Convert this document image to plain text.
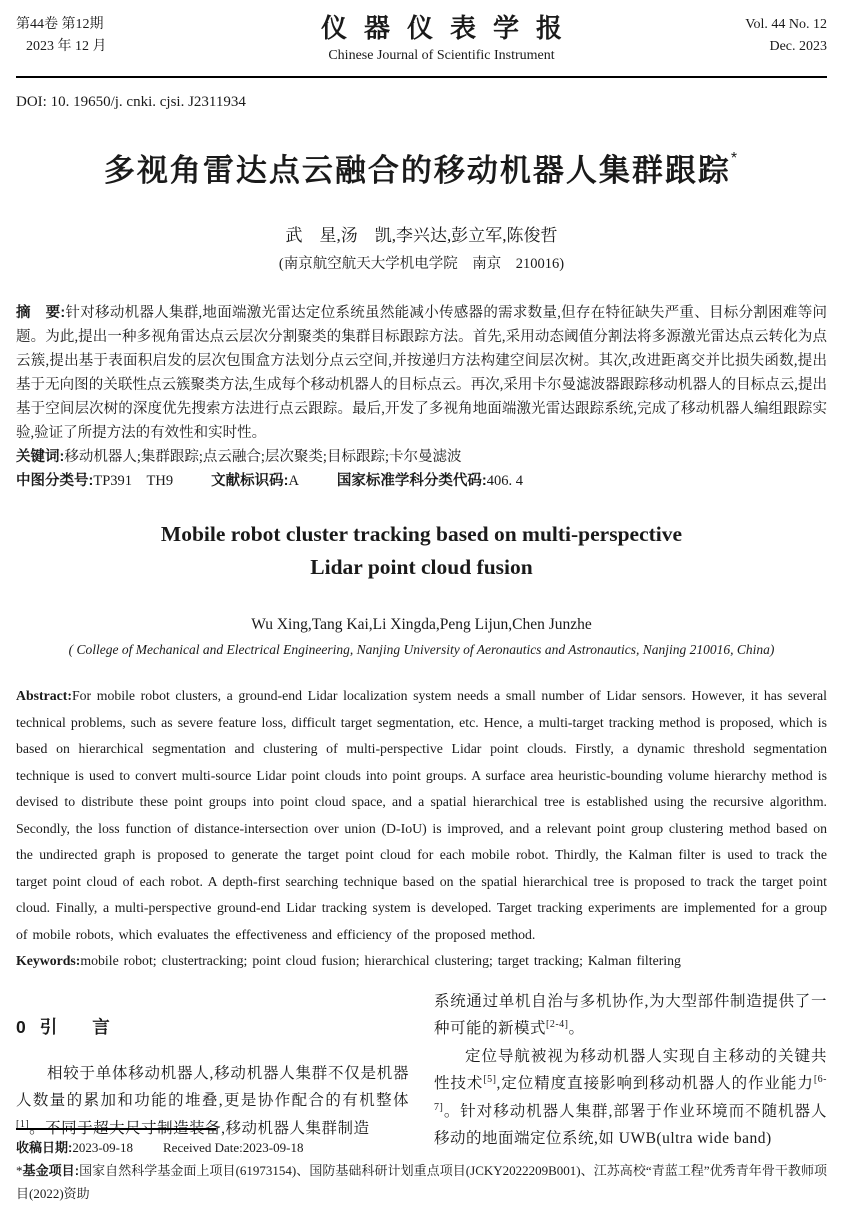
第44卷 第12期
2023 年 12 月
仪器仪表学报
Chinese Journal of Scientific Instrument
Vol. 44 No. 12
Dec. 2023
DOI: 10. 19650/j. cnki. cjsi. J2311934
多视角雷达点云融合的移动机器人集群跟踪*
武　星,汤　凯,李兴达,彭立军,陈俊哲
(南京航空航天大学机电学院　南京　210016)

摘　要:针对移动机器人集群,地面端激光雷达定位系统虽然能减小传感器的需求数量,但存在特征缺失严重、目标分割困难等问题。为此,提出一种多视角雷达点云层次分割聚类的集群目标跟踪方法。首先,采用动态阈值分割法将多源激光雷达点云转化为点云簇,提出基于表面积启发的层次包围盒方法划分点云空间,并按递归方法构建空间层次树。其次,改进距离交并比损失函数,提出基于无向图的关联性点云簇聚类方法,生成每个移动机器人的目标点云。再次,采用卡尔曼滤波器跟踪移动机器人的目标点云,提出基于空间层次树的深度优先搜索方法进行点云跟踪。最后,开发了多视角地面端激光雷达跟踪系统,完成了移动机器人编组跟踪实验,验证了所提方法的有效性和实时性。

关键词:移动机器人;集群跟踪;点云融合;层次聚类;目标跟踪;卡尔曼滤波

中图分类号:TP391　TH9	文献标识码:A	国家标准学科分类代码:406. 4

Mobile robot cluster tracking based on multi-perspective
Lidar point cloud fusion
Wu Xing,Tang Kai,Li Xingda,Peng Lijun,Chen Junzhe
( College of Mechanical and Electrical Engineering, Nanjing University of Aeronautics and Astronautics, Nanjing 210016, China)

Abstract:For mobile robot clusters, a ground-end Lidar localization system needs a small number of Lidar sensors. However, it has several technical problems, such as severe feature loss, difficult target segmentation, etc. Hence, a multi-target tracking method is proposed, which is based on hierarchical segmentation and clustering of multi-perspective Lidar point clouds. Firstly, a dynamic threshold segmentation technique is used to convert multi-source Lidar point clouds into point groups. A surface area heuristic-bounding volume hierarchy method is devised to distribute these point groups into point cloud space, and a spatial hierarchical tree is established using the recursive algorithm. Secondly, the loss function of distance-intersection over union (D-IoU) is improved, and a relevant point group clustering method based on the undirected graph is proposed to generate the target point cloud for each mobile robot. Thirdly, the Kalman filter is used to track the target point cloud of each robot. A depth-first searching technique based on the spatial hierarchical tree is proposed to track the target point cloud. Finally, a multi-perspective ground-end Lidar tracking system is developed. Target tracking experiments are implemented for a group of mobile robots, which evaluates the effectiveness and efficiency of the proposed method.

Keywords:mobile robot; clustertracking; point cloud fusion; hierarchical clustering; target tracking; Kalman filtering

0 引　　言

相较于单体移动机器人,移动机器人集群不仅是机器人数量的累加和功能的堆叠,更是协作配合的有机整体[1]。不同于超大尺寸制造装备,移动机器人集群制造

系统通过单机自治与多机协作,为大型部件制造提供了一种可能的新模式[2-4]。

定位导航被视为移动机器人实现自主移动的关键共性技术[5],定位精度直接影响到移动机器人的作业能力[6-7]。针对移动机器人集群,部署于作业环境而不随机器人移动的地面端定位系统,如 UWB(ultra wide band)

收稿日期:2023-09-18 Received Date:2023-09-18

*基金项目:国家自然科学基金面上项目(61973154)、国防基础科研计划重点项目(JCKY2022209B001)、江苏高校“青蓝工程”优秀青年骨干教师项目(2022)资助
